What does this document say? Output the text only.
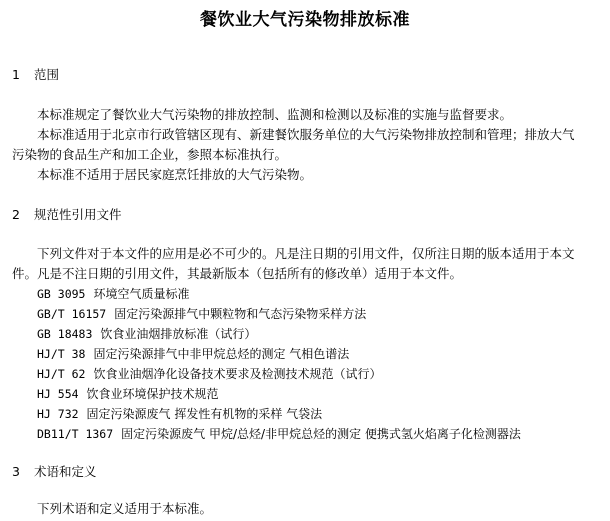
餐饮业大气污染物排放标准
1 范围
本标准规定了餐饮业大气污染物的排放控制、监测和检测以及标准的实施与监督要求。
本标准适用于北京市行政管辖区现有、新建餐饮服务单位的大气污染物排放控制和管理；排放大气
污染物的食品生产和加工企业，参照本标准执行。
本标准不适用于居民家庭烹饪排放的大气污染物。
2 规范性引用文件
下列文件对于本文件的应用是必不可少的。凡是注日期的引用文件，仅所注日期的版本适用于本文
件。凡是不注日期的引用文件，其最新版本（包括所有的修改单）适用于本文件。
GB 3095 环境空气质量标准
GB/T 16157 固定污染源排气中颗粒物和气态污染物采样方法
GB 18483 饮食业油烟排放标准（试行）
HJ/T 38 固定污染源排气中非甲烷总烃的测定 气相色谱法
HJ/T 62 饮食业油烟净化设备技术要求及检测技术规范（试行）
HJ 554 饮食业环境保护技术规范
HJ 732 固定污染源废气 挥发性有机物的采样 气袋法
DB11/T 1367 固定污染源废气 甲烷/总烃/非甲烷总烃的测定 便携式氢火焰离子化检测器法
3 术语和定义
下列术语和定义适用于本标准。
